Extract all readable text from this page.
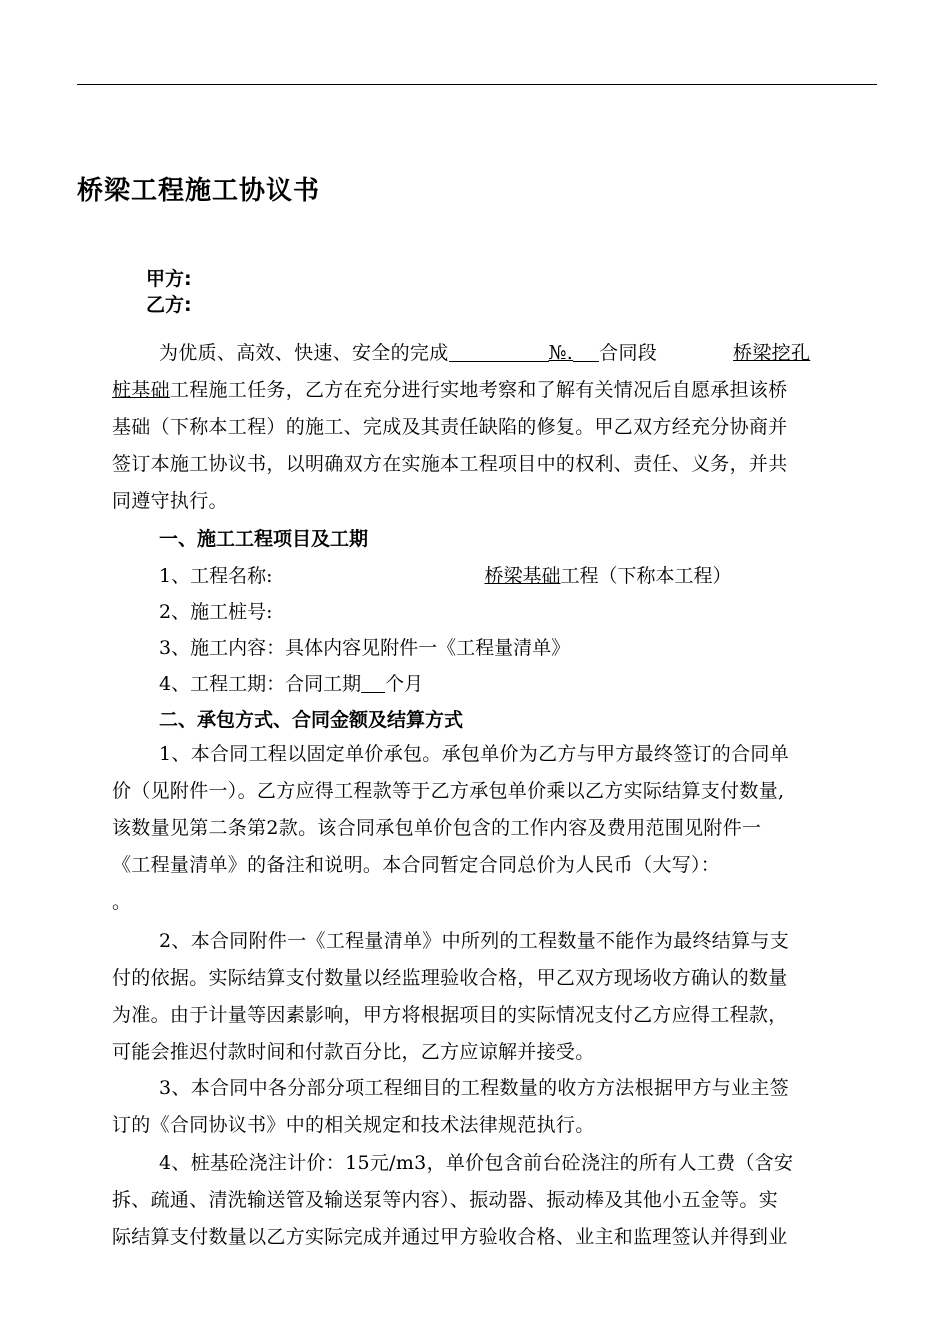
桥梁工程施工协议书
甲方:
乙方:
为优质、高效、快速、安全的完成	№. 合同段	桥梁挖孔
桩基础工程施工任务，乙方在充分进行实地考察和了解有关情况后自愿承担该桥
基础（下称本工程）的施工、完成及其责任缺陷的修复。甲乙双方经充分协商并
签订本施工协议书，以明确双方在实施本工程项目中的权利、责任、义务，并共
同遵守执行。
一、施工工程项目及工期
1、工程名称:	桥梁基础工程（下称本工程）
2、施工桩号:
3、施工内容：具体内容见附件一《工程量清单》
4、工程工期：合同工期 个月
二、承包方式、合同金额及结算方式
1、本合同工程以固定单价承包。承包单价为乙方与甲方最终签订的合同单
价（见附件一）。乙方应得工程款等于乙方承包单价乘以乙方实际结算支付数量,
该数量见第二条第2款。该合同承包单价包含的工作内容及费用范围见附件一
《工程量清单》的备注和说明。本合同暂定合同总价为人民币（大写）：
。
2、本合同附件一《工程量清单》中所列的工程数量不能作为最终结算与支
付的依据。实际结算支付数量以经监理验收合格，甲乙双方现场收方确认的数量
为准。由于计量等因素影响，甲方将根据项目的实际情况支付乙方应得工程款，
可能会推迟付款时间和付款百分比，乙方应谅解并接受。
3、本合同中各分部分项工程细目的工程数量的收方方法根据甲方与业主签
订的《合同协议书》中的相关规定和技术法律规范执行。
4、桩基砼浇注计价：15元/m3，单价包含前台砼浇注的所有人工费（含安
拆、疏通、清洗输送管及输送泵等内容）、振动器、振动棒及其他小五金等。实
际结算支付数量以乙方实际完成并通过甲方验收合格、业主和监理签认并得到业
